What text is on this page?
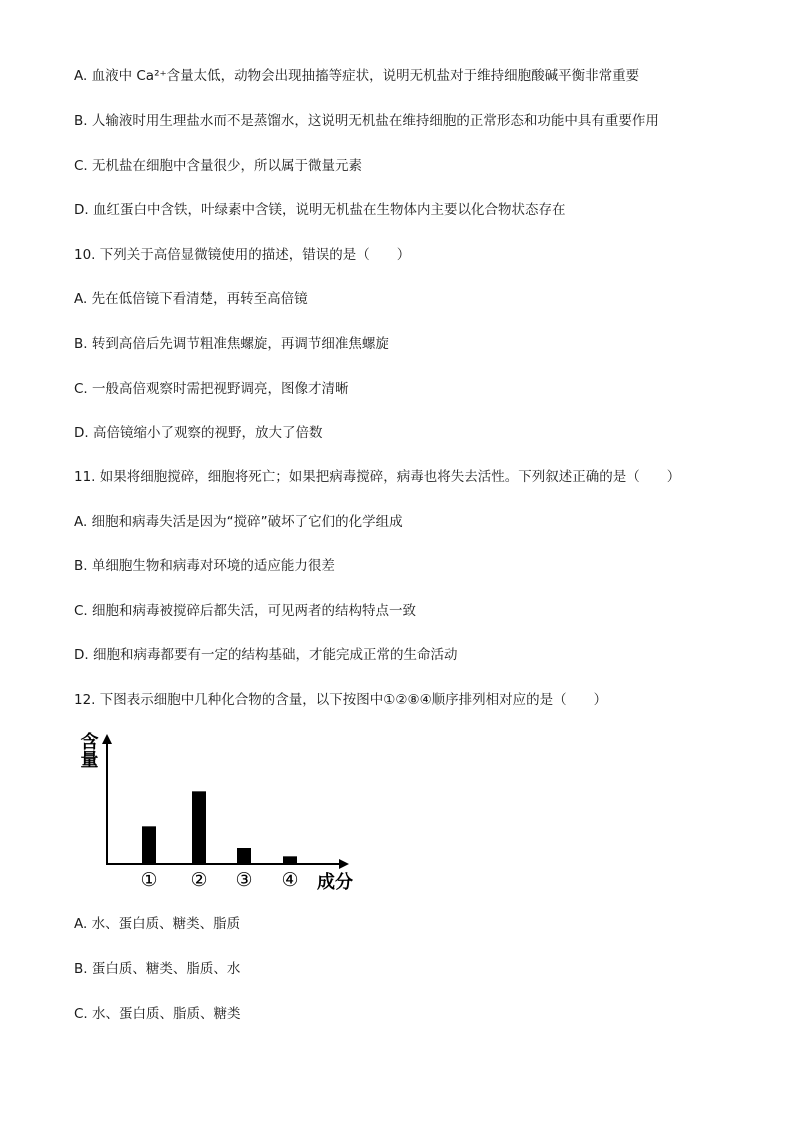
A. 血液中 Ca²⁺含量太低，动物会出现抽搐等症状，说明无机盐对于维持细胞酸碱平衡非常重要
B. 人输液时用生理盐水而不是蒸馏水，这说明无机盐在维持细胞的正常形态和功能中具有重要作用
C. 无机盐在细胞中含量很少，所以属于微量元素
D. 血红蛋白中含铁，叶绿素中含镁，说明无机盐在生物体内主要以化合物状态存在
10. 下列关于高倍显微镜使用的描述，错误的是（　　）
A. 先在低倍镜下看清楚，再转至高倍镜
B. 转到高倍后先调节粗准焦螺旋，再调节细准焦螺旋
C. 一般高倍观察时需把视野调亮，图像才清晰
D. 高倍镜缩小了观察的视野，放大了倍数
11. 如果将细胞搅碎，细胞将死亡；如果把病毒搅碎，病毒也将失去活性。下列叙述正确的是（　　）
A. 细胞和病毒失活是因为“搅碎”破坏了它们的化学组成
B. 单细胞生物和病毒对环境的适应能力很差
C. 细胞和病毒被搅碎后都失活，可见两者的结构特点一致
D. 细胞和病毒都要有一定的结构基础，才能完成正常的生命活动
12. 下图表示细胞中几种化合物的含量，以下按图中①②⑧④顺序排列相对应的是（　　）
含量
成分
① ② ③ ④
A. 水、蛋白质、糖类、脂质
B. 蛋白质、糖类、脂质、水
C. 水、蛋白质、脂质、糖类
